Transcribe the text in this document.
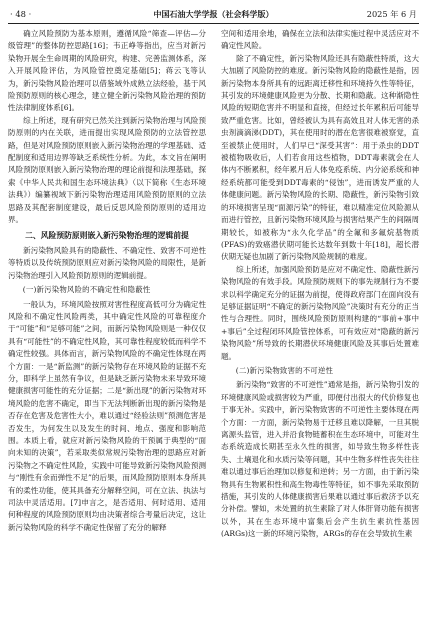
· 48 ·	中国石油大学学报（社会科学版）	2025 年 6 月

确立风险预防为基本原则，遵循风险“筛查—评估—分级管理”的整体防控思路[16]；韦正峥等指出，应当对新污染物开展全生命周期的风险研究，构建、完善监测体系，深入开展风险评估，为风险管控奠定基础[5]；蒋云飞等认为，新污染物风险治理可以借鉴域外成熟立法经验，基于风险预防原则的核心理念，建立健全新污染物风险治理的预防性法律制度体系[6]。

综上所述，现有研究已然关注到新污染物治理与风险预防原则的内在关联，进而提出实现风险预防的立法管控思路，但是对风险预防原则嵌入新污染物治理的学理基础、适配制度和适用边界等缺乏系统性分析。为此，本文旨在阐明风险预防原则嵌入新污染物治理的理论前提和法理基础，探索《中华人民共和国生态环境法典》（以下简称《生态环境法典》）编纂视域下新污染物治理适用风险预防原则的立法思路及其配套制度建设，最后反思风险预防原则的适用边界。

二、风险预防原则嵌入新污染物治理的逻辑前提

新污染物风险具有的隐蔽性、不确定性、致害不可逆性等特质以及传统预防原则应对新污染物风险的局限性，是新污染物治理引入风险预防原则的逻辑前提。

(一)新污染物风险的不确定性和隐蔽性

一般认为，环境风险按照对害性程度高低可分为确定性风险和不确定性风险两类，其中确定性风险的可靠程度介于“可能”和“足够可能”之间，而新污染物风险则是一种仅仅具有“可能性”的不确定性风险，其可靠性程度较低而科学不确定性较强。具体而言，新污染物风险的不确定性体现在两个方面：一是“新监测”的新污染物存在环境风险的证据不充分，即科学上虽然有争议，但是缺乏新污染物未来导致环境健康损害可能性的充分证据；二是“新出现”的新污染物对环境风险的危害不确定，即当下无法判断新出现的新污染物是否存在危害及危害性大小，难以通过“经验法则”预测危害是否发生，为何发生以及发生的时间、地点、强度和影响范围。本质上看，就应对新污染物风险的干预属于典型的“面向未知的决策”，若采取类似常规污染物治理的思路应对新污染物之不确定性风险，实践中可能导致新污染物风险预测与“刚性有余而弹性不足”的后果，而风险预防原则本身所具有的柔性功能，使其具备充分解释空间，可在立法、执法与司法中灵活适用。[7]申言之，是否适用、何时适用、适用何种程度的风险预防原则均由决策者综合考量后决定，这让新污染物风险的科学不确定性保留了充分的解释

空间和适用余地，确保在立法和法律实施过程中灵活应对不确定性风险。

除了不确定性，新污染物风险还具有隐蔽性特质，这大大加剧了风险防控的难度。新污染物风险的隐蔽性是指，因新污染物本身所具有的远距离迁移性和环境持久性等特征，其引发的环境健康风险更为分散、长期和隐蔽。这种渐隐性风险的短期危害并不明显和直接，但经过长年累积后可能导致严重危害。比如，曾经被认为具有高效且对人体无害的杀虫剂滴滴涕(DDT)，其在使用时的潜在危害很难被察觉，直至被禁止使用时，人们早已“深受其害”：用于杀虫的DDT被植物吸收后，人们若食用这些植物，DDT毒素就会在人体内不断累积，经年累月后人体免疫系统、内分泌系统和神经系统都可能受到DDT毒素的“侵蚀”，进而诱发严重的人体健康问题。新污染物风险的长期、隐蔽性，新污染物引致的环境损害呈现“面源污染”的特征，难以精准定位风险源从而进行管控，且新污染物环境风险与损害结果产生的间隔周期较长，如被称为“永久化学品”的全氟和多氟烷基物质(PFAS)的致癌潜伏期可能长达数年到数十年[18]，超长潜伏期无疑也加剧了新污染物风险规制的难度。

综上所述，加强风险预防是应对不确定性、隐蔽性新污染物风险的有效手段。风险预防规则下的事先规制行为不要求以科学确定充分的证据为前提，使得政府部门在面向没有足够证据证明“不确定的新污染物风险”决策时有充分的正当性与合理性。同时，围绕风险预防原则构建的“事前+事中+事后”全过程闭环风险管控体系，可有效应对“隐蔽的新污染物风险”所导致的长期潜伏环境健康风险及其事后处置难题。

(二)新污染物致害的不可逆性

新污染物“致害的不可逆性”通常是指，新污染物引发的环境健康风险或损害较为严重，即便付出很大的代价修复也于事无补。实践中，新污染物致害的不可逆性主要体现在两个方面：一方面，新污染物易于迁移且难以降解，一旦其脱离源头监管，进入并沿食物链蓄积在生态环境中，可能对生态系统造成长期甚至永久性的损害，如导致生物多样性丧失、土壤退化和水质污染等问题，其中生物多样性丧失往往难以通过事后治理加以修复和逆转；另一方面，由于新污染物具有生物累积性和高生物毒性等特征，如不事先采取预防措施，其引发的人体健康损害后果难以通过事后救济予以充分补偿。譬如，未处置的抗生素除了对人体肝肾功能有损害以外，其在生态环境中富集后会产生抗生素抗性基因(ARGs)这一新的环境污染物，ARGs的存在会导致抗生素
